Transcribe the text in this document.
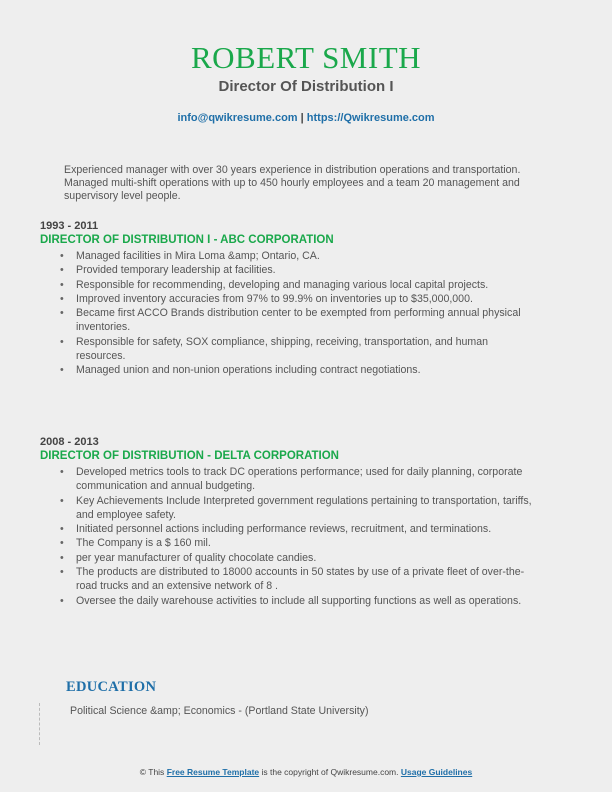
ROBERT SMITH
Director Of Distribution I
info@qwikresume.com | https://Qwikresume.com
Experienced manager with over 30 years experience in distribution operations and transportation. Managed multi-shift operations with up to 450 hourly employees and a team 20 management and supervisory level people.
1993 - 2011
DIRECTOR OF DISTRIBUTION I - ABC CORPORATION
• Managed facilities in Mira Loma &amp; Ontario, CA.
• Provided temporary leadership at facilities.
• Responsible for recommending, developing and managing various local capital projects.
• Improved inventory accuracies from 97% to 99.9% on inventories up to $35,000,000.
• Became first ACCO Brands distribution center to be exempted from performing annual physical inventories.
• Responsible for safety, SOX compliance, shipping, receiving, transportation, and human resources.
• Managed union and non-union operations including contract negotiations.
2008 - 2013
DIRECTOR OF DISTRIBUTION - DELTA CORPORATION
• Developed metrics tools to track DC operations performance; used for daily planning, corporate communication and annual budgeting.
• Key Achievements Include Interpreted government regulations pertaining to transportation, tariffs, and employee safety.
• Initiated personnel actions including performance reviews, recruitment, and terminations.
• The Company is a $ 160 mil.
• per year manufacturer of quality chocolate candies.
• The products are distributed to 18000 accounts in 50 states by use of a private fleet of over-the-road trucks and an extensive network of 8 .
• Oversee the daily warehouse activities to include all supporting functions as well as operations.
EDUCATION
Political Science &amp; Economics - (Portland State University)
© This Free Resume Template is the copyright of Qwikresume.com. Usage Guidelines
